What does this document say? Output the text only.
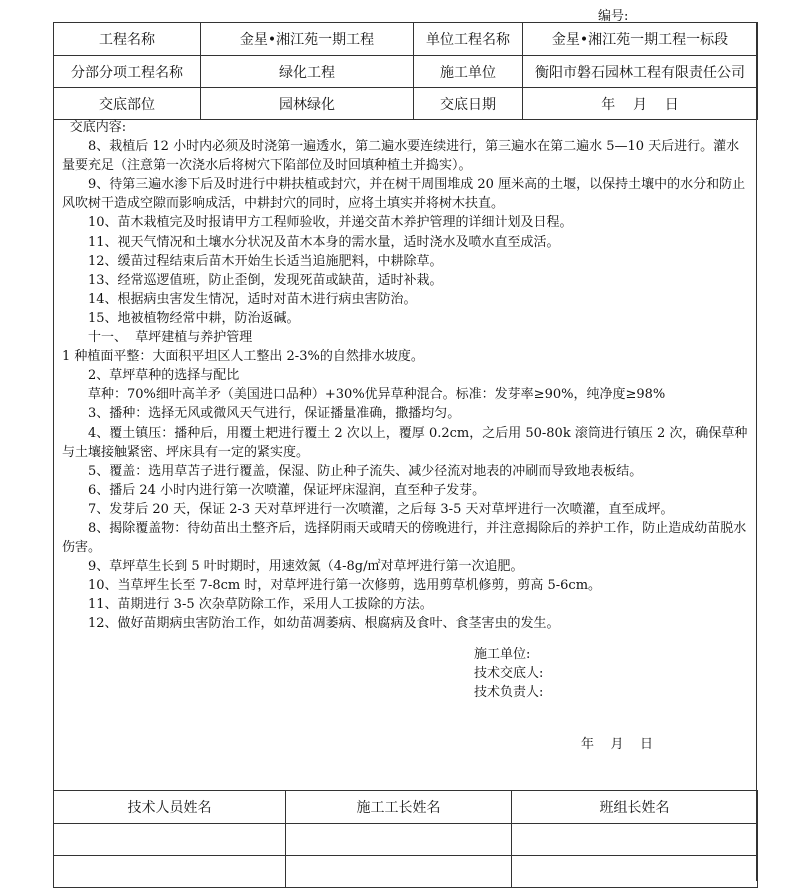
编号:
工程名称	金星•湘江苑一期工程	单位工程名称	金星•湘江苑一期工程一标段
分部分项工程名称	绿化工程	施工单位	衡阳市磐石园林工程有限责任公司
交底部位	园林绿化	交底日期	年    月    日

交底内容:

8、栽植后 12 小时内必须及时浇第一遍透水，第二遍水要连续进行，第三遍水在第二遍水 5—10 天后进行。灌水量要充足（注意第一次浇水后将树穴下陷部位及时回填种植土并捣实）。

9、待第三遍水渗下后及时进行中耕扶植或封穴，并在树干周围堆成 20 厘米高的土堰，以保持土壤中的水分和防止风吹树干造成空隙而影响成活，中耕封穴的同时，应将土填实并将树木扶直。

10、苗木栽植完及时报请甲方工程师验收，并递交苗木养护管理的详细计划及日程。

11、视天气情况和土壤水分状况及苗木本身的需水量，适时浇水及喷水直至成活。

12、缓苗过程结束后苗木开始生长适当追施肥料，中耕除草。

13、经常巡逻值班，防止歪倒，发现死苗或缺苗，适时补栽。

14、根据病虫害发生情况，适时对苗木进行病虫害防治。

15、地被植物经常中耕，防治返碱。

十一、  草坪建植与养护管理

1 种植面平整：大面积平坦区人工整出 2-3%的自然排水坡度。

2、草坪草种的选择与配比

草种：70%细叶高羊矛（美国进口品种）+30%优异草种混合。标准：发芽率≥90%，纯净度≥98%

3、播种：选择无风或微风天气进行，保证播量准确，撒播均匀。

4、覆土镇压：播种后，用覆土耙进行覆土 2 次以上，覆厚 0.2cm，之后用 50-80k 滚筒进行镇压 2 次，确保草种与土壤接触紧密、坪床具有一定的紧实度。

5、覆盖：选用草苫子进行覆盖，保湿、防止种子流失、减少径流对地表的冲刷而导致地表板结。

6、播后 24 小时内进行第一次喷灌，保证坪床湿润，直至种子发芽。

7、发芽后 20 天，保证 2-3 天对草坪进行一次喷灌，之后每 3-5 天对草坪进行一次喷灌，直至成坪。

8、揭除覆盖物：待幼苗出土整齐后，选择阴雨天或晴天的傍晚进行，并注意揭除后的养护工作，防止造成幼苗脱水伤害。

9、草坪草生长到 5 叶时期时，用速效氮（4-8g/㎡对草坪进行第一次追肥。

10、当草坪生长至 7-8cm 时，对草坪进行第一次修剪，选用剪草机修剪，剪高 5-6cm。

11、苗期进行 3-5 次杂草防除工作，采用人工拔除的方法。

12、做好苗期病虫害防治工作，如幼苗凋萎病、根腐病及食叶、食茎害虫的发生。

施工单位:
技术交底人:
技术负责人:
年    月    日
技术人员姓名	施工工长姓名	班组长姓名
